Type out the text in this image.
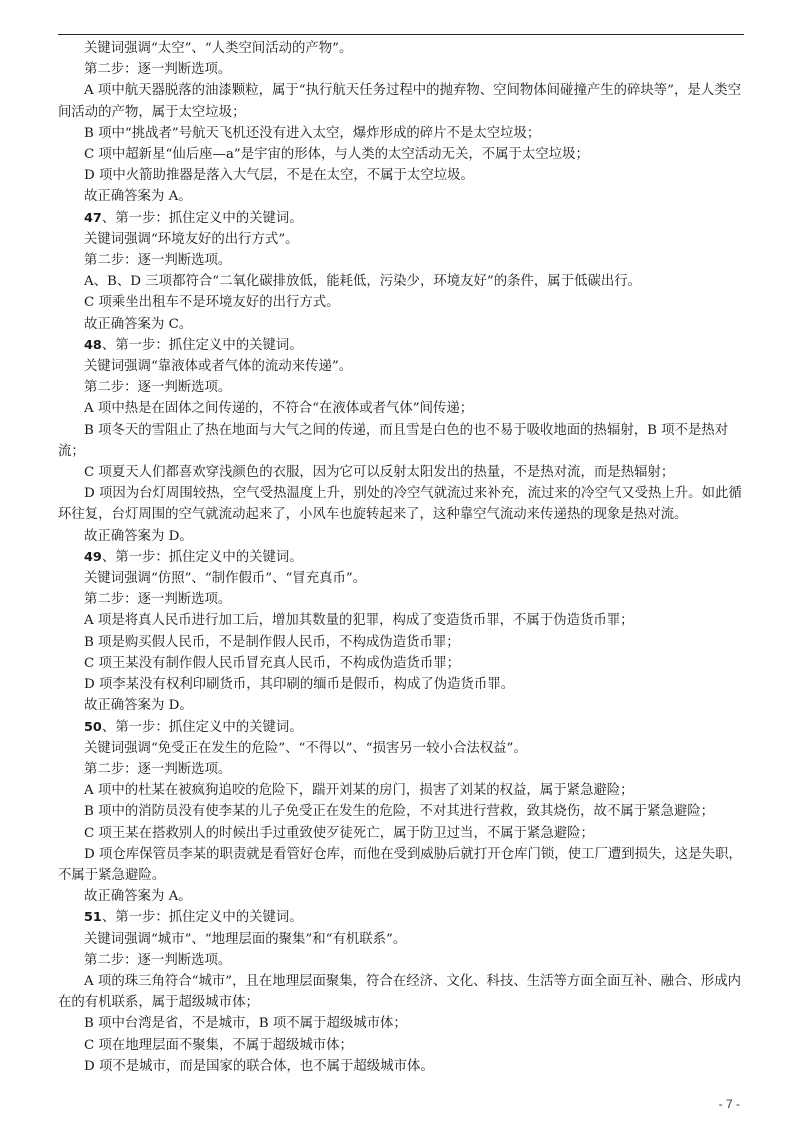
关键词强调“太空”、“人类空间活动的产物”。

第二步：逐一判断选项。

A 项中航天器脱落的油漆颗粒，属于“执行航天任务过程中的抛弃物、空间物体间碰撞产生的碎块等”，是人类空间活动的产物，属于太空垃圾；

B 项中“挑战者”号航天飞机还没有进入太空，爆炸形成的碎片不是太空垃圾；

C 项中超新星“仙后座—a”是宇宙的形体，与人类的太空活动无关，不属于太空垃圾；

D 项中火箭助推器是落入大气层，不是在太空，不属于太空垃圾。

故正确答案为 A。

47、第一步：抓住定义中的关键词。

关键词强调“环境友好的出行方式”。

第二步：逐一判断选项。

A、B、D 三项都符合“二氧化碳排放低，能耗低，污染少，环境友好”的条件，属于低碳出行。

C 项乘坐出租车不是环境友好的出行方式。

故正确答案为 C。

48、第一步：抓住定义中的关键词。

关键词强调“靠液体或者气体的流动来传递”。

第二步：逐一判断选项。

A 项中热是在固体之间传递的，不符合“在液体或者气体”间传递；

B 项冬天的雪阻止了热在地面与大气之间的传递，而且雪是白色的也不易于吸收地面的热辐射，B 项不是热对流；

C 项夏天人们都喜欢穿浅颜色的衣服，因为它可以反射太阳发出的热量，不是热对流，而是热辐射；

D 项因为台灯周围较热，空气受热温度上升，别处的冷空气就流过来补充，流过来的冷空气又受热上升。如此循环往复，台灯周围的空气就流动起来了，小风车也旋转起来了，这种靠空气流动来传递热的现象是热对流。

故正确答案为 D。

49、第一步：抓住定义中的关键词。

关键词强调“仿照”、“制作假币”、“冒充真币”。

第二步：逐一判断选项。

A 项是将真人民币进行加工后，增加其数量的犯罪，构成了变造货币罪，不属于伪造货币罪；

B 项是购买假人民币，不是制作假人民币，不构成伪造货币罪；

C 项王某没有制作假人民币冒充真人民币，不构成伪造货币罪；

D 项李某没有权利印刷货币，其印刷的缅币是假币，构成了伪造货币罪。

故正确答案为 D。

50、第一步：抓住定义中的关键词。

关键词强调“免受正在发生的危险”、“不得以”、“损害另一较小合法权益”。

第二步：逐一判断选项。

A 项中的杜某在被疯狗追咬的危险下，踹开刘某的房门，损害了刘某的权益，属于紧急避险；

B 项中的消防员没有使李某的儿子免受正在发生的危险，不对其进行营救，致其烧伤，故不属于紧急避险；

C 项王某在搭救别人的时候出手过重致使歹徒死亡，属于防卫过当，不属于紧急避险；

D 项仓库保管员李某的职责就是看管好仓库，而他在受到威胁后就打开仓库门锁，使工厂遭到损失，这是失职，不属于紧急避险。

故正确答案为 A。

51、第一步：抓住定义中的关键词。

关键词强调“城市”、“地理层面的聚集”和“有机联系”。

第二步：逐一判断选项。

A 项的珠三角符合“城市”，且在地理层面聚集，符合在经济、文化、科技、生活等方面全面互补、融合、形成内在的有机联系，属于超级城市体；

B 项中台湾是省，不是城市，B 项不属于超级城市体；

C 项在地理层面不聚集，不属于超级城市体；

D 项不是城市，而是国家的联合体，也不属于超级城市体。

- 7 -
